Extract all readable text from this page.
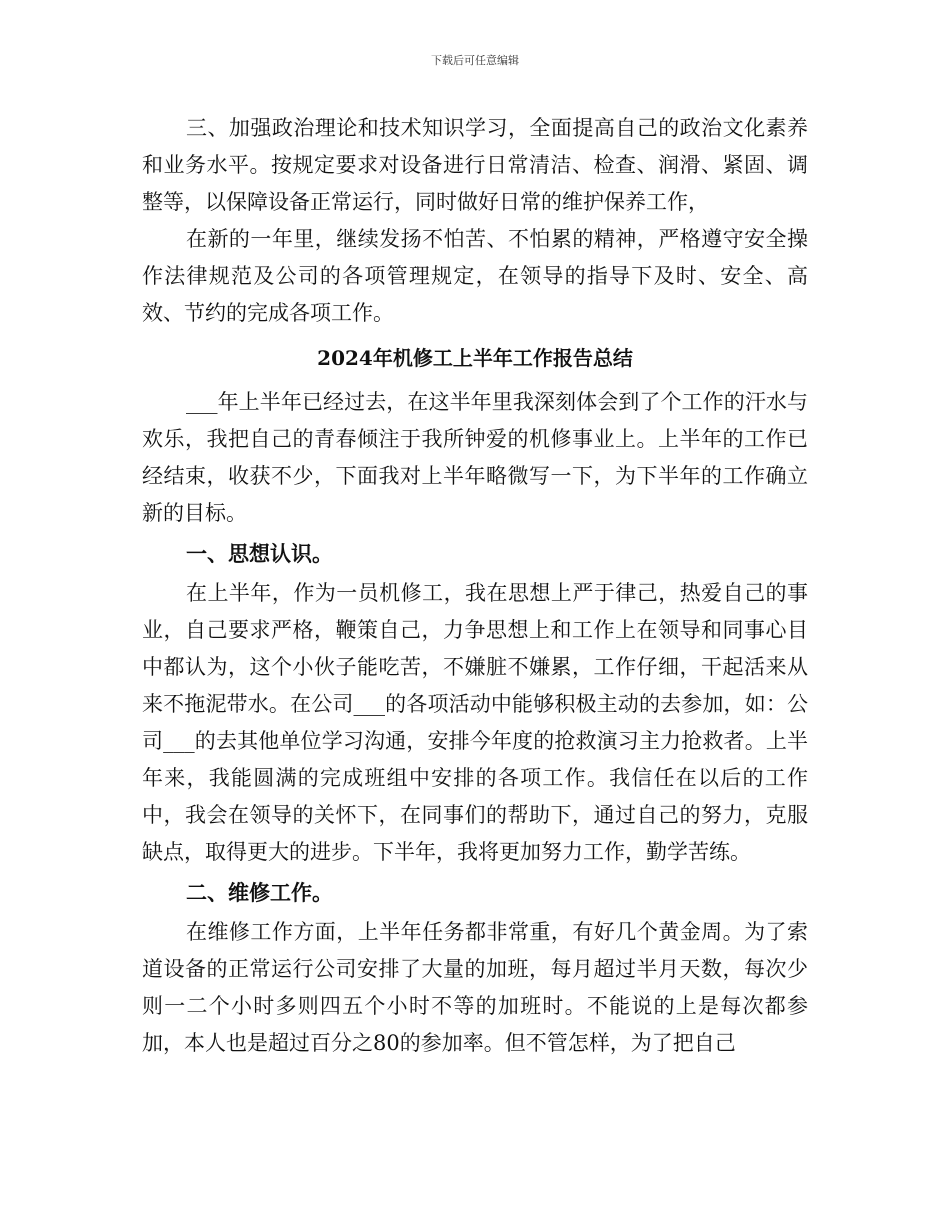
下载后可任意编辑

三、加强政治理论和技术知识学习，全面提高自己的政治文化素养和业务水平。按规定要求对设备进行日常清洁、检查、润滑、紧固、调整等，以保障设备正常运行，同时做好日常的维护保养工作，

在新的一年里，继续发扬不怕苦、不怕累的精神，严格遵守安全操作法律规范及公司的各项管理规定，在领导的指导下及时、安全、高效、节约的完成各项工作。

2024年机修工上半年工作报告总结

___年上半年已经过去，在这半年里我深刻体会到了个工作的汗水与欢乐，我把自己的青春倾注于我所钟爱的机修事业上。上半年的工作已经结束，收获不少，下面我对上半年略微写一下，为下半年的工作确立新的目标。

一、思想认识。

在上半年，作为一员机修工，我在思想上严于律己，热爱自己的事业，自己要求严格，鞭策自己，力争思想上和工作上在领导和同事心目中都认为，这个小伙子能吃苦，不嫌脏不嫌累，工作仔细，干起活来从来不拖泥带水。在公司___的各项活动中能够积极主动的去参加，如：公司___的去其他单位学习沟通，安排今年度的抢救演习主力抢救者。上半年来，我能圆满的完成班组中安排的各项工作。我信任在以后的工作中，我会在领导的关怀下，在同事们的帮助下，通过自己的努力，克服缺点，取得更大的进步。下半年，我将更加努力工作，勤学苦练。

二、维修工作。

在维修工作方面，上半年任务都非常重，有好几个黄金周。为了索道设备的正常运行公司安排了大量的加班，每月超过半月天数，每次少则一二个小时多则四五个小时不等的加班时。不能说的上是每次都参加，本人也是超过百分之80的参加率。但不管怎样，为了把自己
